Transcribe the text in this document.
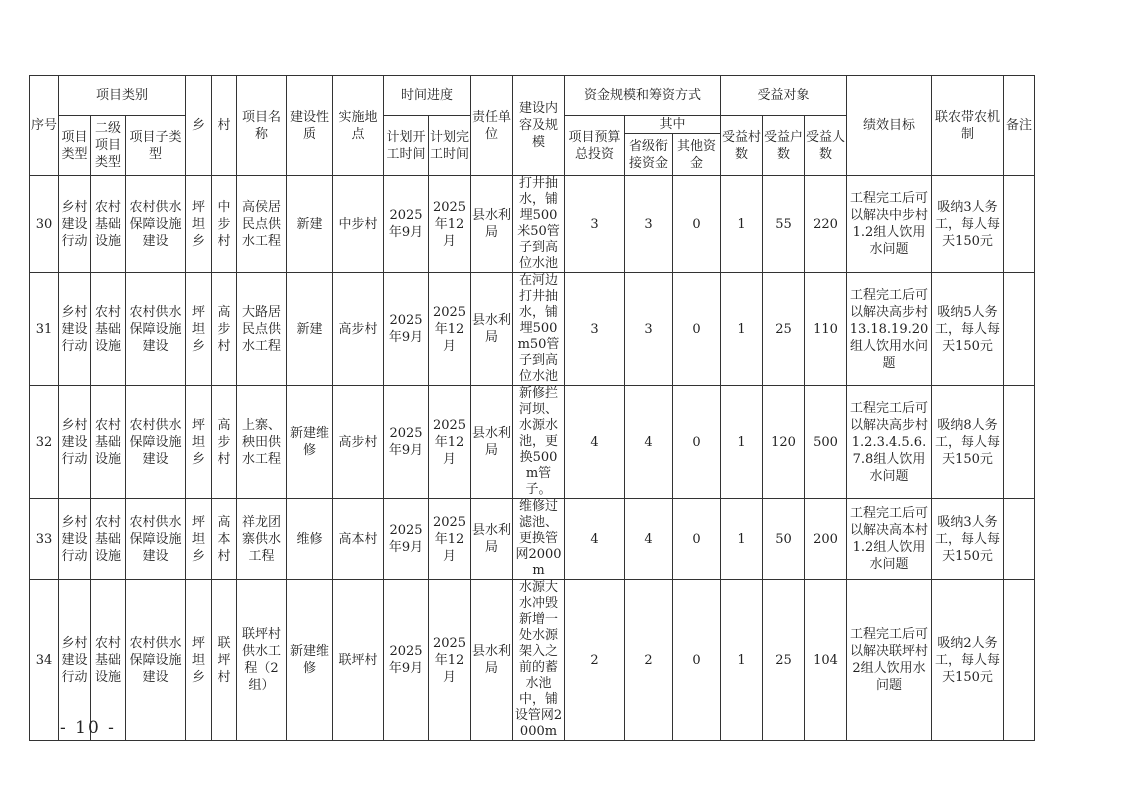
序号	项目类别			乡	村	项目名称	建设性质	实施地点	时间进度		责任单位	建设内容及规模	资金规模和筹资方式			受益对象			绩效目标	联农带农机制	备注
	项目类型	二级项目类型	项目子类型						计划开工时间	计划完工时间			项目预算总投资	其中		受益村数	受益户数	受益人数			
														省级衔接资金	其他资金						
30	乡村建设行动	农村基础设施	农村供水保障设施建设	坪坦乡	中步村	高侯居民点供水工程	新建	中步村	2025年9月	2025年12月	县水利局	打井抽水，铺埋500米50管子到高位水池	3	3	0	1	55	220	工程完工后可以解决中步村1.2组人饮用水问题	吸纳3人务工，每人每天150元	
31	乡村建设行动	农村基础设施	农村供水保障设施建设	坪坦乡	高步村	大路居民点供水工程	新建	高步村	2025年9月	2025年12月	县水利局	在河边打井抽水，铺埋500m50管子到高位水池	3	3	0	1	25	110	工程完工后可以解决高步村13.18.19.20组人饮用水问题	吸纳5人务工，每人每天150元	
32	乡村建设行动	农村基础设施	农村供水保障设施建设	坪坦乡	高步村	上寨、秧田供水工程	新建维修	高步村	2025年9月	2025年12月	县水利局	新修拦河坝、水源水池，更换500m管子。	4	4	0	1	120	500	工程完工后可以解决高步村1.2.3.4.5.6.7.8组人饮用水问题	吸纳8人务工，每人每天150元	
33	乡村建设行动	农村基础设施	农村供水保障设施建设	坪坦乡	高本村	祥龙团寨供水工程	维修	高本村	2025年9月	2025年12月	县水利局	维修过滤池、更换管网2000m	4	4	0	1	50	200	工程完工后可以解决高本村1.2组人饮用水问题	吸纳3人务工，每人每天150元	
34	乡村建设行动	农村基础设施	农村供水保障设施建设	坪坦乡	联坪村	联坪村供水工程（2组）	新建维修	联坪村	2025年9月	2025年12月	县水利局	水源大水冲毁新增一处水源架入之前的蓄水池中，铺设管网2000m	2	2	0	1	25	104	工程完工后可以解决联坪村2组人饮用水问题	吸纳2人务工，每人每天150元	
- 10 -
